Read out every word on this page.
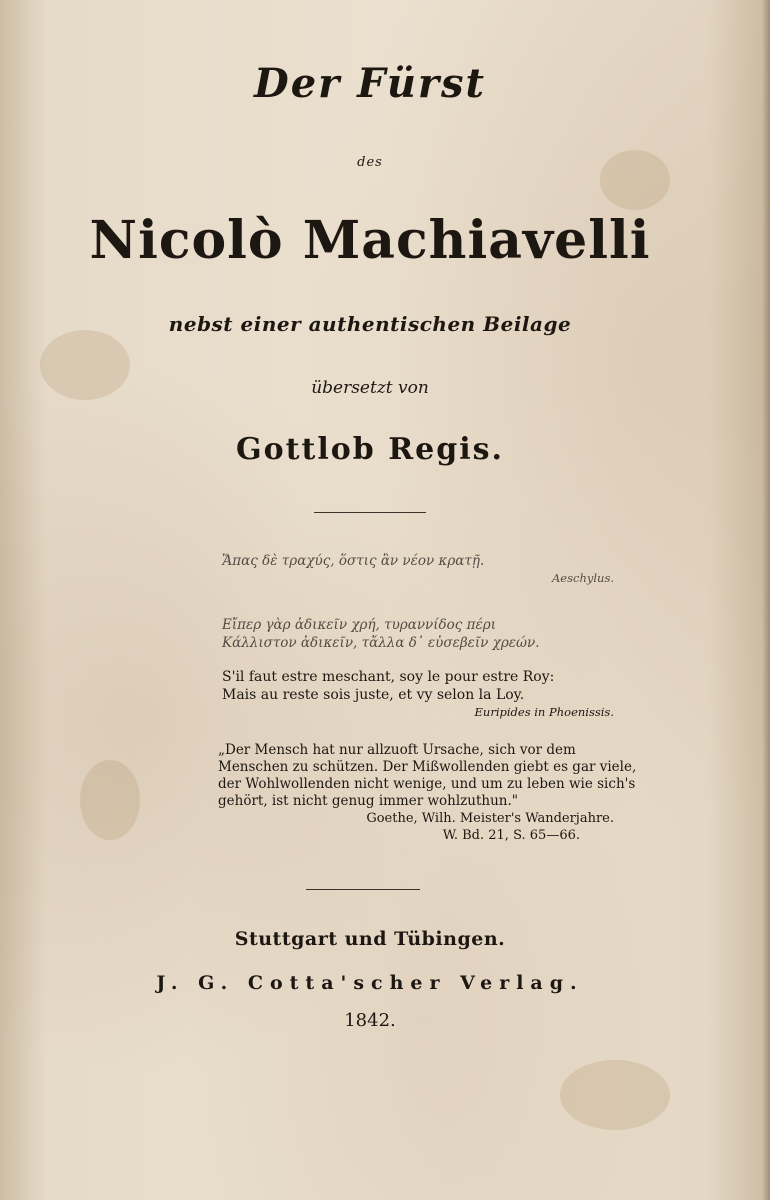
Der Fürst
des
Nicolò Machiavelli
nebst einer authentischen Beilage
übersetzt von
Gottlob Regis.
Ἅπας δὲ τραχύς, ὅστις ἂν νέον κρατῇ.
Aeschylus.
Εἴπερ γὰρ ἀδικεῖν χρή, τυραννίδος πέρι
Κάλλιστον ἀδικεῖν, τἄλλα δ᾽ εὐσεβεῖν χρεών.
S'il faut estre meschant, soy le pour estre Roy:
Mais au reste sois juste, et vy selon la Loy.
Euripides in Phoenissis.
„Der Mensch hat nur allzuoft Ursache, sich vor dem
Menschen zu schützen. Der Mißwollenden giebt es gar viele,
der Wohlwollenden nicht wenige, und um zu leben wie sich's
gehört, ist nicht genug immer wohlzuthun."
Goethe, Wilh. Meister's Wanderjahre.
W. Bd. 21, S. 65—66.
Stuttgart und Tübingen.
J. G. Cotta'scher Verlag.
1842.
